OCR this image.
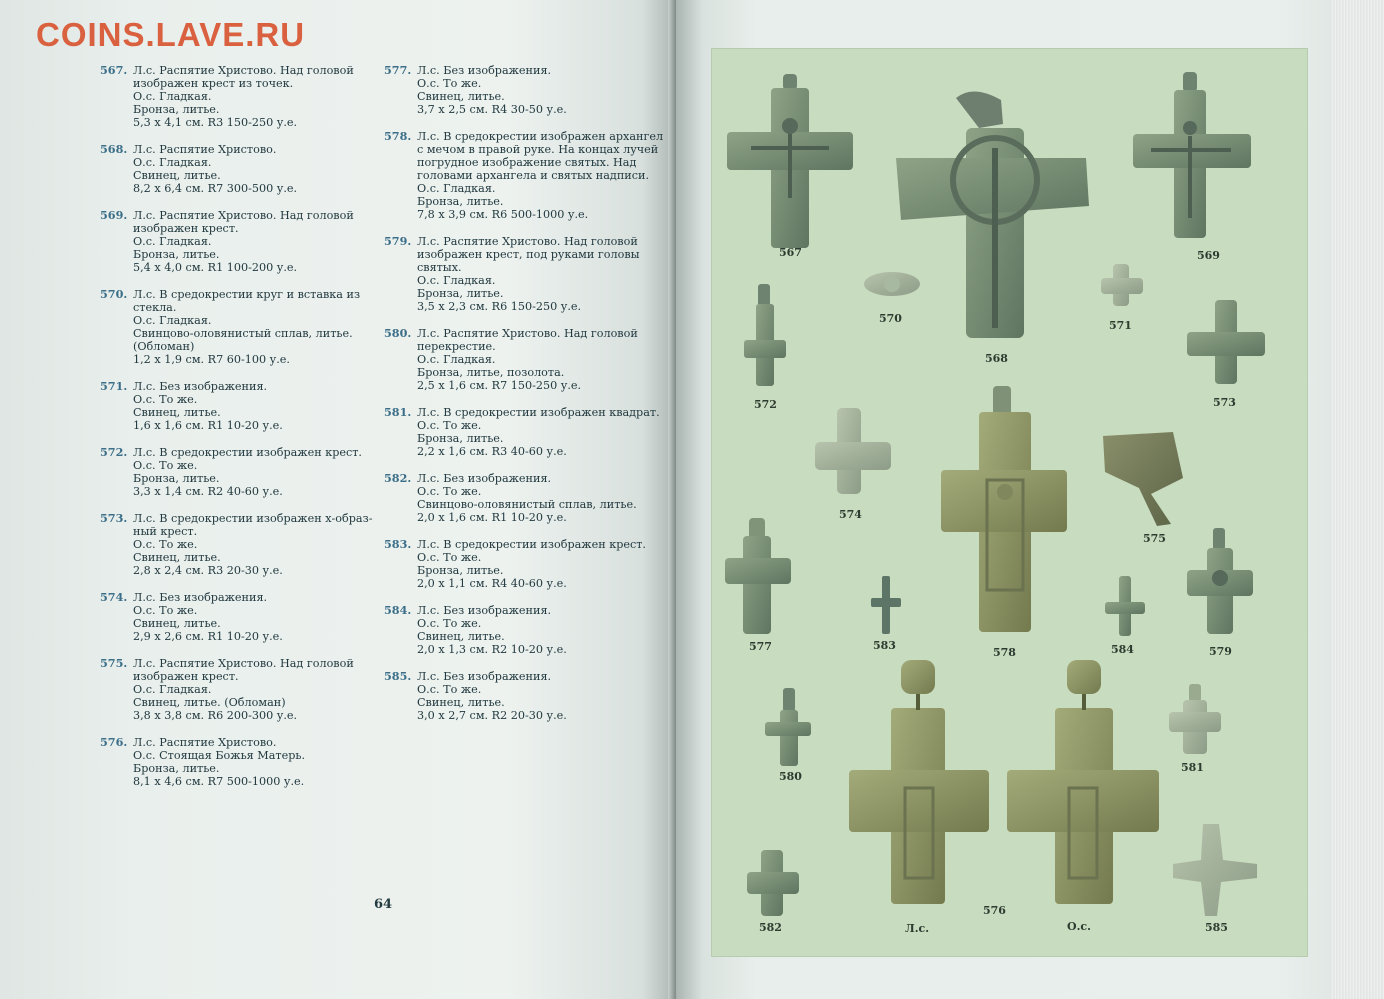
COINS.LAVE.RU
567. Л.с. Распятие Христово. Над головой
изображен крест из точек.
О.с. Гладкая.
Бронза, литье.
5,3 х 4,1 см. R3 150-250 у.е.
568. Л.с. Распятие Христово.
О.с. Гладкая.
Свинец, литье.
8,2 х 6,4 см. R7 300-500 у.е.
569. Л.с. Распятие Христово. Над головой
изображен крест.
О.с. Гладкая.
Бронза, литье.
5,4 х 4,0 см. R1 100-200 у.е.
570. Л.с. В средокрестии круг и вставка из
стекла.
О.с. Гладкая.
Свинцово-оловянистый сплав, литье.
(Обломан)
1,2 х 1,9 см. R7 60-100 у.е.
571. Л.с. Без изображения.
О.с. То же.
Свинец, литье.
1,6 х 1,6 см. R1 10-20 у.е.
572. Л.с. В средокрестии изображен крест.
О.с. То же.
Бронза, литье.
3,3 х 1,4 см. R2 40-60 у.е.
573. Л.с. В средокрестии изображен х-образ-
ный крест.
О.с. То же.
Свинец, литье.
2,8 х 2,4 см. R3 20-30 у.е.
574. Л.с. Без изображения.
О.с. То же.
Свинец, литье.
2,9 х 2,6 см. R1 10-20 у.е.
575. Л.с. Распятие Христово. Над головой
изображен крест.
О.с. Гладкая.
Свинец, литье. (Обломан)
3,8 х 3,8 см. R6 200-300 у.е.
576. Л.с. Распятие Христово.
О.с. Стоящая Божья Матерь.
Бронза, литье.
8,1 х 4,6 см. R7 500-1000 у.е.
577. Л.с. Без изображения.
О.с. То же.
Свинец, литье.
3,7 х 2,5 см. R4 30-50 у.е.
578. Л.с. В средокрестии изображен архангел
с мечом в правой руке. На концах лучей
погрудное изображение святых. Над
головами архангела и святых надписи.
О.с. Гладкая.
Бронза, литье.
7,8 х 3,9 см. R6 500-1000 у.е.
579. Л.с. Распятие Христово. Над головой
изображен крест, под руками головы
святых.
О.с. Гладкая.
Бронза, литье.
3,5 х 2,3 см. R6 150-250 у.е.
580. Л.с. Распятие Христово. Над головой
перекрестие.
О.с. Гладкая.
Бронза, литье, позолота.
2,5 х 1,6 см. R7 150-250 у.е.
581. Л.с. В средокрестии изображен квадрат.
О.с. То же.
Бронза, литье.
2,2 х 1,6 см. R3 40-60 у.е.
582. Л.с. Без изображения.
О.с. То же.
Свинцово-оловянистый сплав, литье.
2,0 х 1,6 см. R1 10-20 у.е.
583. Л.с. В средокрестии изображен крест.
О.с. То же.
Бронза, литье.
2,0 х 1,1 см. R4 40-60 у.е.
584. Л.с. Без изображения.
О.с. То же.
Свинец, литье.
2,0 х 1,3 см. R2 10-20 у.е.
585. Л.с. Без изображения.
О.с. То же.
Свинец, литье.
3,0 х 2,7 см. R2 20-30 у.е.
64
567
568
569
570
571
572	573
574
575
577	578	579
583	584
580
581
582
576
Л.с.	О.с.	585
